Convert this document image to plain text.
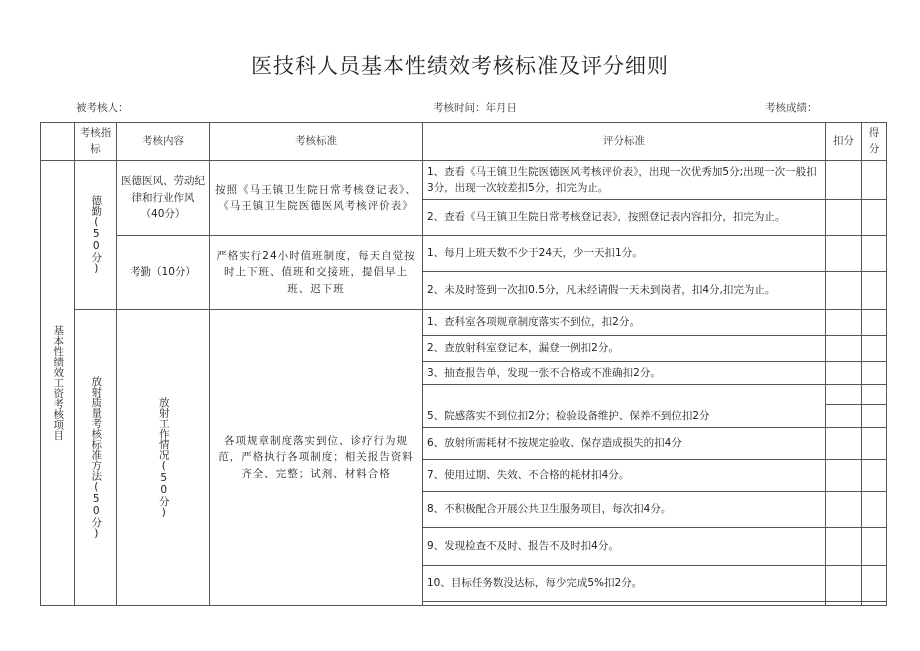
医技科人员基本性绩效考核标准及评分细则
被考核人：	考核时间：年月日	考核成绩：
	考核指标	考核内容	考核标准	评分标准	扣分	得分

基本性绩效工资考核项目	德勤(50分)	医德医风、劳动纪律和行业作风（40分）	按照《马王镇卫生院日常考核登记表》、《马王镇卫生院医德医风考核评价表》	1、查看《马王镇卫生院医德医风考核评价表》，出现一次优秀加5分;出现一次一般扣3分，出现一次较差扣5分，扣完为止。		
				2、查看《马王镇卫生院日常考核登记表》，按照登记表内容扣分，扣完为止。		
		考勤（10分）	严格实行24小时值班制度，每天自觉按时上下班、值班和交接班，提倡早上班、迟下班	1、每月上班天数不少于24天，少一天扣1分。		
				2、未及时签到一次扣0.5分，凡未经请假一天未到岗者，扣4分,扣完为止。		

	放射质量考核标准方法(50分)	放射工作情况(50分)	各项规章制度落实到位、诊疗行为规范，严格执行各项制度；相关报告资料齐全、完整；试剂、材料合格	1、查科室各项规章制度落实不到位，扣2分。		
				2、查放射科室登记本，漏登一例扣2分。		
				3、抽查报告单，发现一张不合格或不准确扣2分。		

				5、院感落实不到位扣2分；检验设备维护、保养不到位扣2分		
				6、放射所需耗材不按规定验收、保存造成损失的扣4分		
				7、使用过期、失效、不合格的耗材扣4分。		
				8、不积极配合开展公共卫生服务项目，每次扣4分。		
				9、发现检查不及时、报告不及时扣4分。		
				10、目标任务数没达标，每少完成5%扣2分。		
